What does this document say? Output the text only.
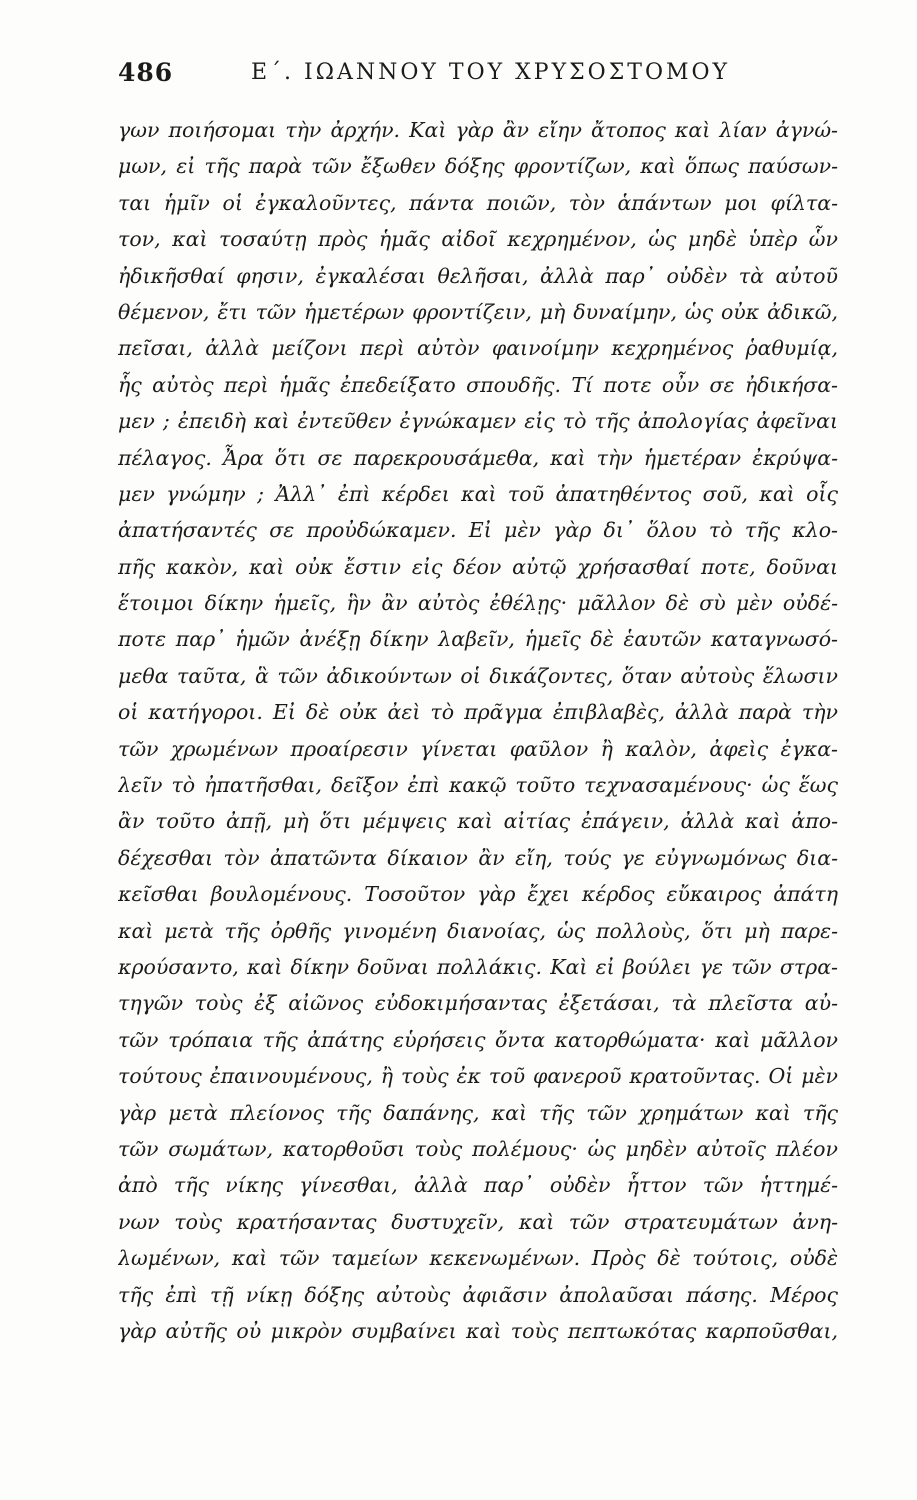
486	Ε΄. ΙΩΑΝΝΟΥ ΤΟΥ ΧΡΥΣΟΣΤΟΜΟΥ
γων ποιήσομαι τὴν ἀρχήν. Καὶ γὰρ ἂν εἴην ἄτοπος καὶ λίαν ἀγνώ-
μων, εἰ τῆς παρὰ τῶν ἔξωθεν δόξης φροντίζων, καὶ ὅπως παύσων-
ται ἡμῖν οἱ ἐγκαλοῦντες, πάντα ποιῶν, τὸν ἁπάντων μοι φίλτα-
τον, καὶ τοσαύτῃ πρὸς ἡμᾶς αἰδοῖ κεχρημένον, ὡς μηδὲ ὑπὲρ ὧν
ἠδικῆσθαί φησιν, ἐγκαλέσαι θελῆσαι, ἀλλὰ παρ᾽ οὐδὲν τὰ αὐτοῦ
θέμενον, ἔτι τῶν ἡμετέρων φροντίζειν, μὴ δυναίμην, ὡς οὐκ ἀδικῶ,
πεῖσαι, ἀλλὰ μείζονι περὶ αὐτὸν φαινοίμην κεχρημένος ῥαθυμίᾳ,
ἧς αὐτὸς περὶ ἡμᾶς ἐπεδείξατο σπουδῆς. Τί ποτε οὖν σε ἠδικήσα-
μεν ; ἐπειδὴ καὶ ἐντεῦθεν ἐγνώκαμεν εἰς τὸ τῆς ἀπολογίας ἀφεῖναι
πέλαγος. Ἆρα ὅτι σε παρεκρουσάμεθα, καὶ τὴν ἡμετέραν ἐκρύψα-
μεν γνώμην ; Ἀλλ᾽ ἐπὶ κέρδει καὶ τοῦ ἀπατηθέντος σοῦ, καὶ οἷς
ἀπατήσαντές σε προὐδώκαμεν. Εἰ μὲν γὰρ δι᾽ ὅλου τὸ τῆς κλο-
πῆς κακὸν, καὶ οὐκ ἔστιν εἰς δέον αὐτῷ χρήσασθαί ποτε, δοῦναι
ἕτοιμοι δίκην ἡμεῖς, ἣν ἂν αὐτὸς ἐθέλῃς· μᾶλλον δὲ σὺ μὲν οὐδέ-
ποτε παρ᾽ ἡμῶν ἀνέξῃ δίκην λαβεῖν, ἡμεῖς δὲ ἑαυτῶν καταγνωσό-
μεθα ταῦτα, ἃ τῶν ἀδικούντων οἱ δικάζοντες, ὅταν αὐτοὺς ἕλωσιν
οἱ κατήγοροι. Εἰ δὲ οὐκ ἀεὶ τὸ πρᾶγμα ἐπιβλαβὲς, ἀλλὰ παρὰ τὴν
τῶν χρωμένων προαίρεσιν γίνεται φαῦλον ἢ καλὸν, ἀφεὶς ἐγκα-
λεῖν τὸ ἠπατῆσθαι, δεῖξον ἐπὶ κακῷ τοῦτο τεχνασαμένους· ὡς ἕως
ἂν τοῦτο ἀπῇ, μὴ ὅτι μέμψεις καὶ αἰτίας ἐπάγειν, ἀλλὰ καὶ ἀπο-
δέχεσθαι τὸν ἀπατῶντα δίκαιον ἂν εἴη, τούς γε εὐγνωμόνως δια-
κεῖσθαι βουλομένους. Τοσοῦτον γὰρ ἔχει κέρδος εὔκαιρος ἀπάτη
καὶ μετὰ τῆς ὀρθῆς γινομένη διανοίας, ὡς πολλοὺς, ὅτι μὴ παρε-
κρούσαντο, καὶ δίκην δοῦναι πολλάκις. Καὶ εἰ βούλει γε τῶν στρα-
τηγῶν τοὺς ἐξ αἰῶνος εὐδοκιμήσαντας ἐξετάσαι, τὰ πλεῖστα αὐ-
τῶν τρόπαια τῆς ἀπάτης εὑρήσεις ὄντα κατορθώματα· καὶ μᾶλλον
τούτους ἐπαινουμένους, ἢ τοὺς ἐκ τοῦ φανεροῦ κρατοῦντας. Οἱ μὲν
γὰρ μετὰ πλείονος τῆς δαπάνης, καὶ τῆς τῶν χρημάτων καὶ τῆς
τῶν σωμάτων, κατορθοῦσι τοὺς πολέμους· ὡς μηδὲν αὐτοῖς πλέον
ἀπὸ τῆς νίκης γίνεσθαι, ἀλλὰ παρ᾽ οὐδὲν ἧττον τῶν ἡττημέ-
νων τοὺς κρατήσαντας δυστυχεῖν, καὶ τῶν στρατευμάτων ἀνη-
λωμένων, καὶ τῶν ταμείων κεκενωμένων. Πρὸς δὲ τούτοις, οὐδὲ
τῆς ἐπὶ τῇ νίκῃ δόξης αὐτοὺς ἀφιᾶσιν ἀπολαῦσαι πάσης. Μέρος
γὰρ αὐτῆς οὐ μικρὸν συμβαίνει καὶ τοὺς πεπτωκότας καρποῦσθαι,
